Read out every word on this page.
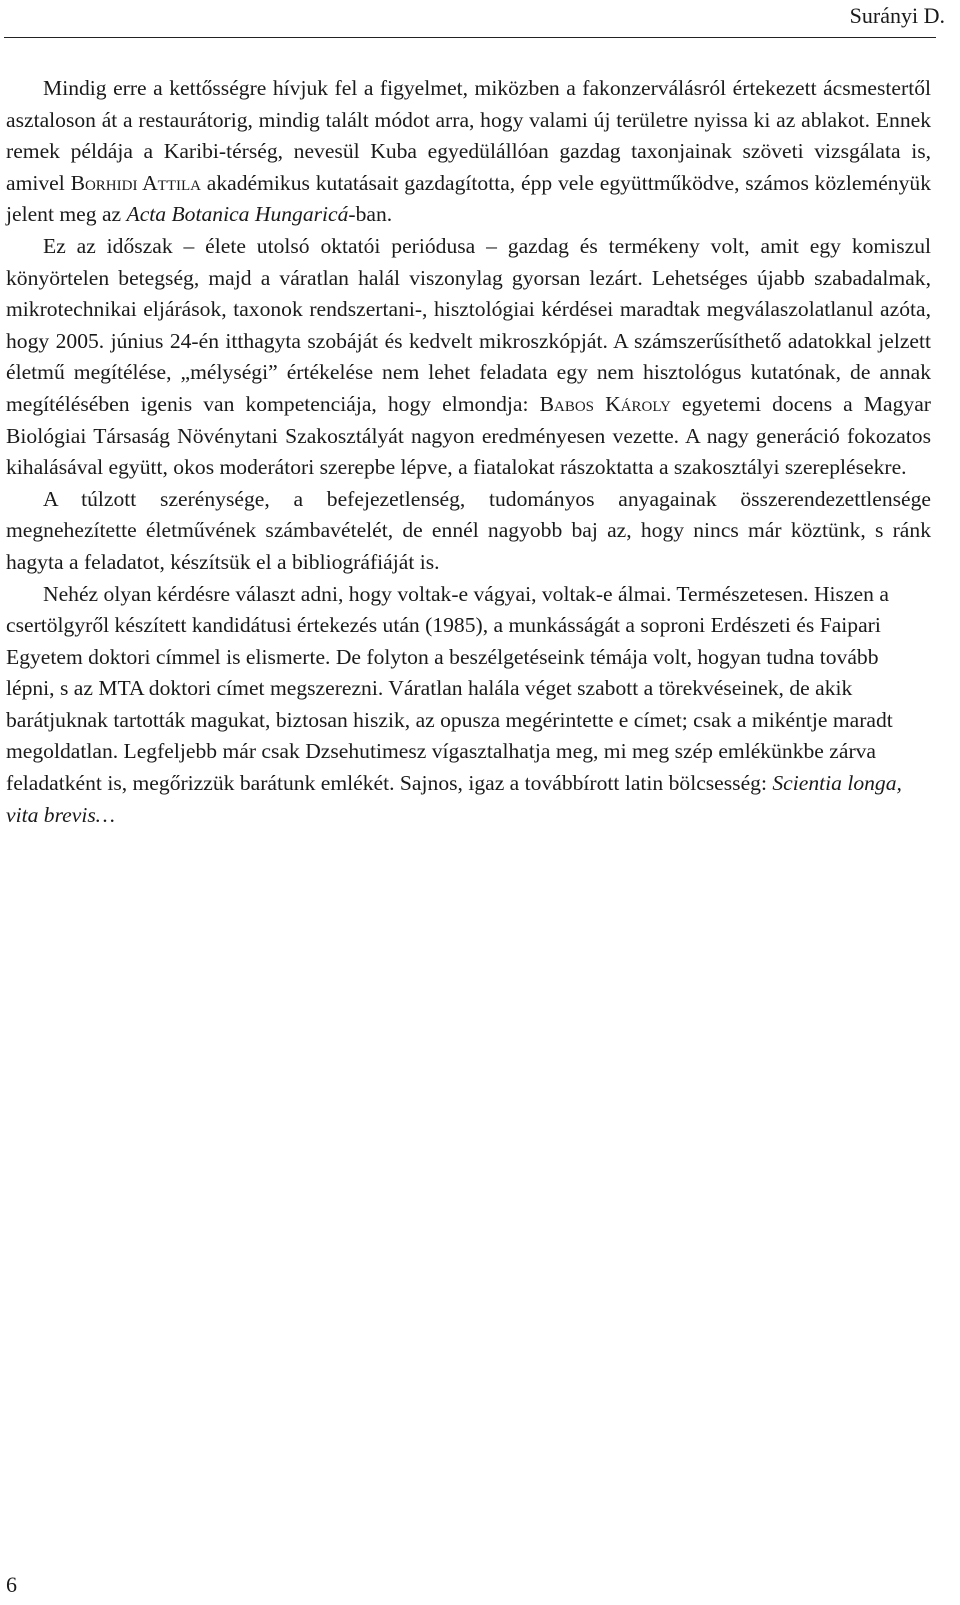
Surányi D.

Mindig erre a kettősségre hívjuk fel a figyelmet, miközben a fakonzerválásról értekezett ácsmestertől asztaloson át a restaurátorig, mindig talált módot arra, hogy valami új területre nyissa ki az ablakot. Ennek remek példája a Karibi-térség, nevesül Kuba egyedülállóan gazdag taxonjainak szöveti vizsgálata is, amivel Borhidi Attila akadémikus kutatásait gazdagította, épp vele együttműködve, számos közleményük jelent meg az Acta Botanica Hungaricá-ban.

Ez az időszak – élete utolsó oktatói periódusa – gazdag és termékeny volt, amit egy komiszul könyörtelen betegség, majd a váratlan halál viszonylag gyorsan lezárt. Lehetséges újabb szabadalmak, mikrotechnikai eljárások, taxonok rendszertani-, hisztológiai kérdései maradtak megválaszolatlanul azóta, hogy 2005. június 24-én itthagyta szobáját és kedvelt mikroszkópját. A számszerűsíthető adatokkal jelzett életmű megítélése, „mélységi” értékelése nem lehet feladata egy nem hisztológus kutatónak, de annak megítélésében igenis van kompetenciája, hogy elmondja: Babos Károly egyetemi docens a Magyar Biológiai Társaság Növénytani Szakosztályát nagyon eredményesen vezette. A nagy generáció fokozatos kihalásával együtt, okos moderátori szerepbe lépve, a fiatalokat rászoktatta a szakosztályi szereplésekre.

A túlzott szerénysége, a befejezetlenség, tudományos anyagainak összerendezettlensége megnehezítette életművének számbavételét, de ennél nagyobb baj az, hogy nincs már köztünk, s ránk hagyta a feladatot, készítsük el a bibliográfiáját is.

Nehéz olyan kérdésre választ adni, hogy voltak-e vágyai, voltak-e álmai. Természetesen. Hiszen a csertölgyről készített kandidátusi értekezés után (1985), a munkásságát a soproni Erdészeti és Faipari Egyetem doktori címmel is elismerte. De folyton a beszélgetéseink témája volt, hogyan tudna tovább lépni, s az MTA doktori címet megszerezni. Váratlan halála véget szabott a törekvéseinek, de akik barátjuknak tartották magukat, biztosan hiszik, az opusza megérintette e címet; csak a mikéntje maradt megoldatlan. Legfeljebb már csak Dzsehutimesz vígasztalhatja meg, mi meg szép emlékünkbe zárva feladatként is, megőrizzük barátunk emlékét. Sajnos, igaz a továbbírott latin bölcsesség: Scientia longa, vita brevis…

6
